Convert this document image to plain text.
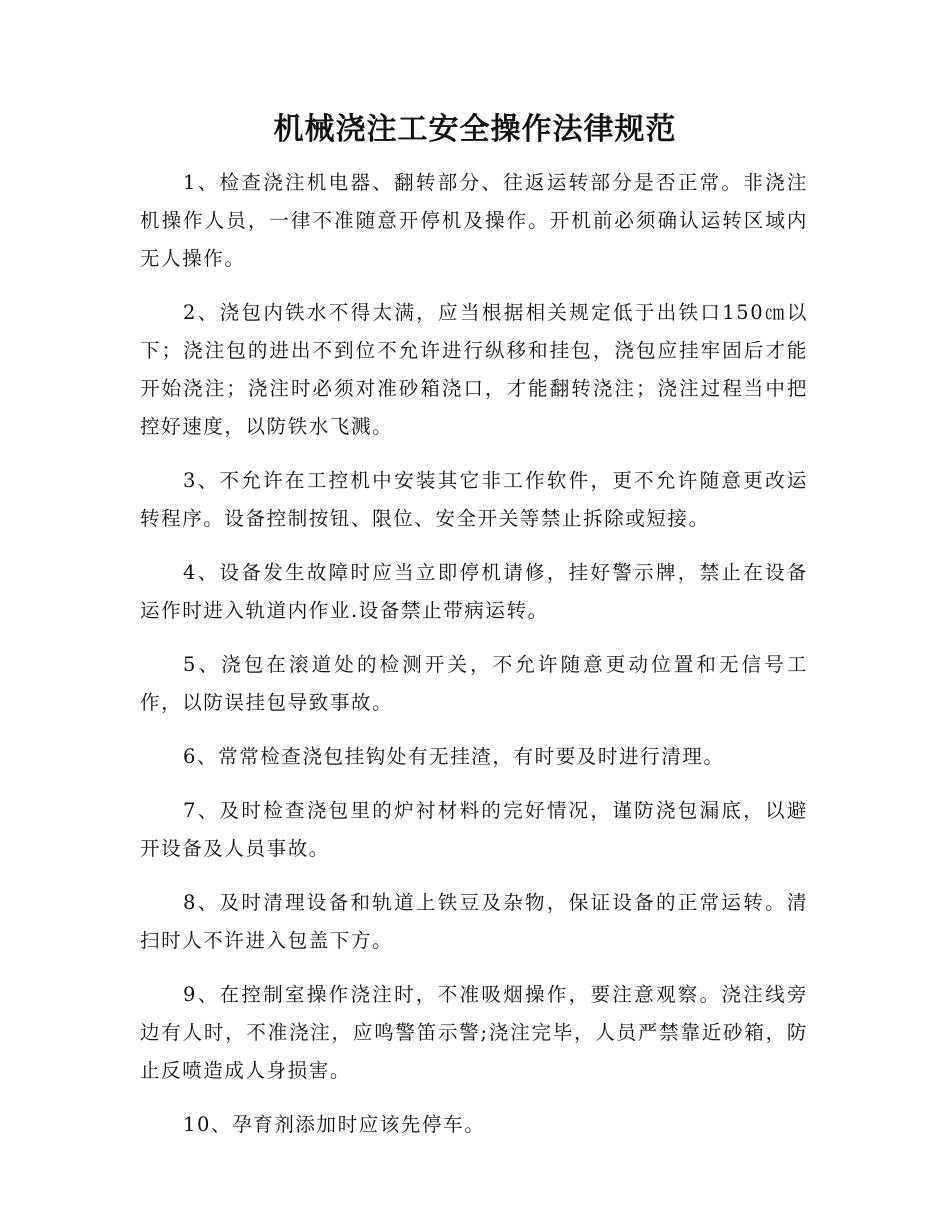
机械浇注工安全操作法律规范

1、检查浇注机电器、翻转部分、往返运转部分是否正常。非浇注机操作人员，一律不准随意开停机及操作。开机前必须确认运转区域内无人操作。

2、浇包内铁水不得太满，应当根据相关规定低于出铁口150㎝以下；浇注包的进出不到位不允许进行纵移和挂包，浇包应挂牢固后才能开始浇注；浇注时必须对准砂箱浇口，才能翻转浇注；浇注过程当中把控好速度，以防铁水飞溅。

3、不允许在工控机中安装其它非工作软件，更不允许随意更改运转程序。设备控制按钮、限位、安全开关等禁止拆除或短接。

4、设备发生故障时应当立即停机请修，挂好警示牌，禁止在设备运作时进入轨道内作业.设备禁止带病运转。

5、浇包在滚道处的检测开关，不允许随意更动位置和无信号工作，以防误挂包导致事故。

6、常常检查浇包挂钩处有无挂渣，有时要及时进行清理。

7、及时检查浇包里的炉衬材料的完好情况，谨防浇包漏底，以避开设备及人员事故。

8、及时清理设备和轨道上铁豆及杂物，保证设备的正常运转。清扫时人不许进入包盖下方。

9、在控制室操作浇注时，不准吸烟操作，要注意观察。浇注线旁边有人时，不准浇注，应鸣警笛示警;浇注完毕，人员严禁靠近砂箱，防止反喷造成人身损害。

10、孕育剂添加时应该先停车。
